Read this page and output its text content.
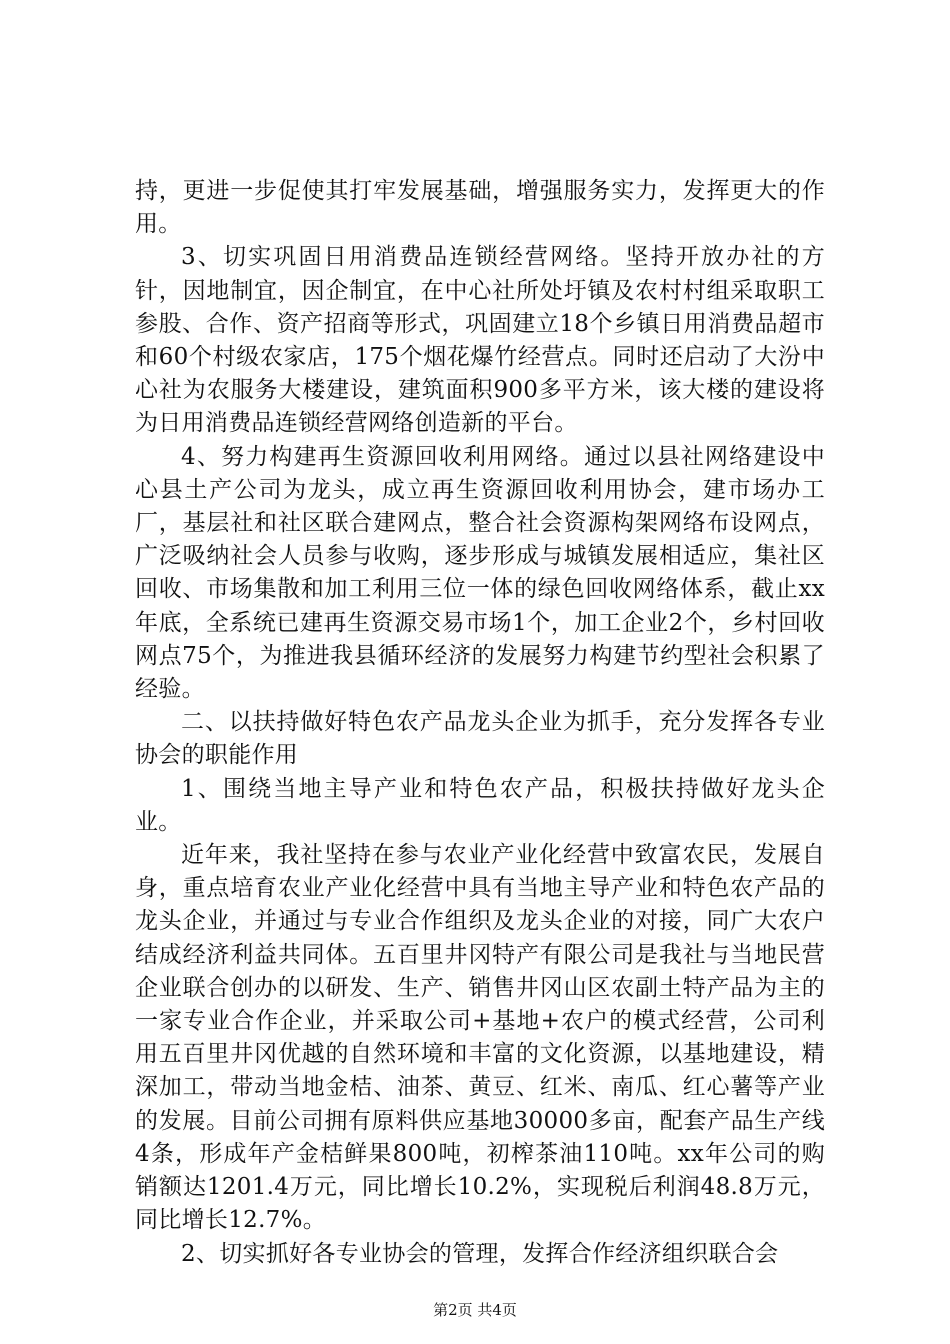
持，更进一步促使其打牢发展基础，增强服务实力，发挥更大的作用。

3、切实巩固日用消费品连锁经营网络。坚持开放办社的方针，因地制宜，因企制宜，在中心社所处圩镇及农村村组采取职工参股、合作、资产招商等形式，巩固建立18个乡镇日用消费品超市和60个村级农家店，175个烟花爆竹经营点。同时还启动了大汾中心社为农服务大楼建设，建筑面积900多平方米，该大楼的建设将为日用消费品连锁经营网络创造新的平台。

4、努力构建再生资源回收利用网络。通过以县社网络建设中心县土产公司为龙头，成立再生资源回收利用协会，建市场办工厂，基层社和社区联合建网点，整合社会资源构架网络布设网点，广泛吸纳社会人员参与收购，逐步形成与城镇发展相适应，集社区回收、市场集散和加工利用三位一体的绿色回收网络体系，截止xx年底，全系统已建再生资源交易市场1个，加工企业2个，乡村回收网点75个，为推进我县循环经济的发展努力构建节约型社会积累了经验。

二、以扶持做好特色农产品龙头企业为抓手，充分发挥各专业协会的职能作用

1、围绕当地主导产业和特色农产品，积极扶持做好龙头企业。

近年来，我社坚持在参与农业产业化经营中致富农民，发展自身，重点培育农业产业化经营中具有当地主导产业和特色农产品的龙头企业，并通过与专业合作组织及龙头企业的对接，同广大农户结成经济利益共同体。五百里井冈特产有限公司是我社与当地民营企业联合创办的以研发、生产、销售井冈山区农副土特产品为主的一家专业合作企业，并采取公司+基地+农户的模式经营，公司利用五百里井冈优越的自然环境和丰富的文化资源，以基地建设，精深加工，带动当地金桔、油茶、黄豆、红米、南瓜、红心薯等产业的发展。目前公司拥有原料供应基地30000多亩，配套产品生产线4条，形成年产金桔鲜果800吨，初榨茶油110吨。xx年公司的购销额达1201.4万元，同比增长10.2%，实现税后利润48.8万元，同比增长12.7%。

2、切实抓好各专业协会的管理，发挥合作经济组织联合会

第2页 共4页
